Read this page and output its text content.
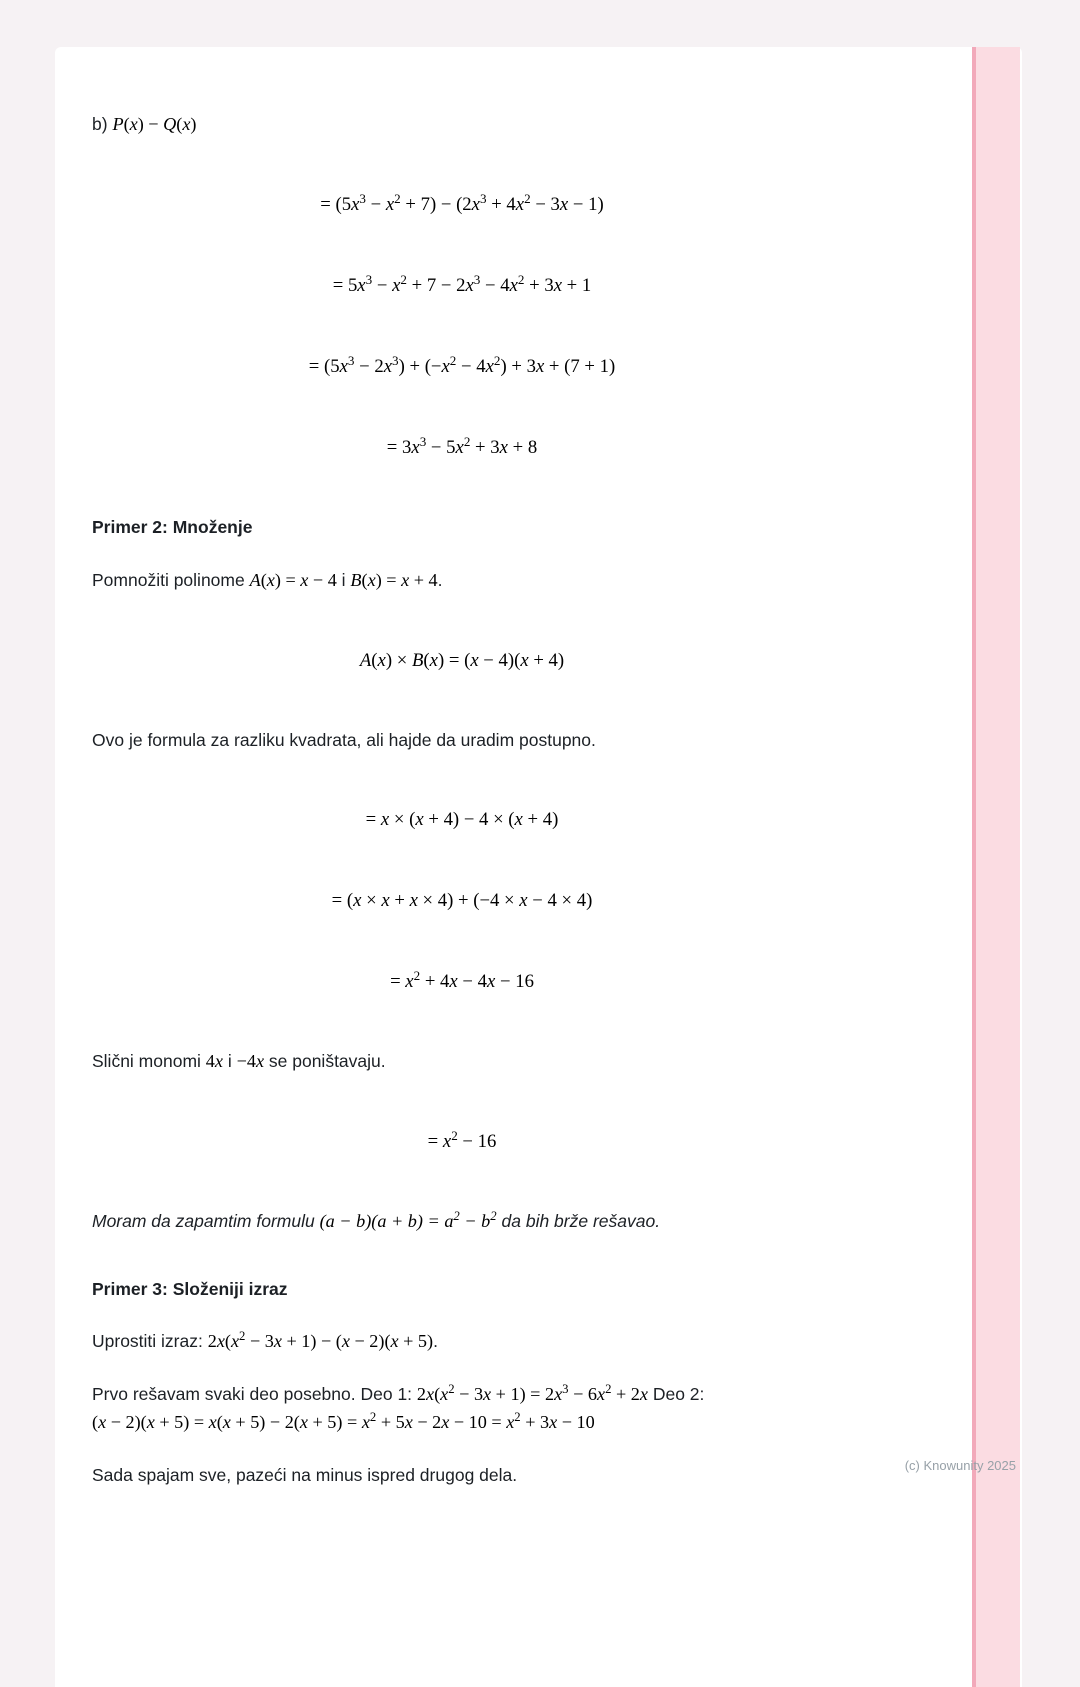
b) P(x) − Q(x)
= $(5x^3 - x^2 + 7) - (2x^3 + 4x^2 - 3x - 1)$
= $5x^3 - x^2 + 7 - 2x^3 - 4x^2 + 3x + 1$
= $(5x^3 - 2x^3) + (-x^2 - 4x^2) + 3x + (7 + 1)$
= $3x^3 - 5x^2 + 3x + 8$
Primer 2: Množenje
Pomnožiti polinome A(x) = x − 4 i B(x) = x + 4.
A(x) × B(x) = (x − 4)(x + 4)
Ovo je formula za razliku kvadrata, ali hajde da uradim postupno.
= x × (x + 4) − 4 × (x + 4)
= (x × x + x × 4) + (−4 × x − 4 × 4)
= $x^2 + 4x - 4x - 16$
Slični monomi 4x i −4x se poništavaju.
= $x^2 - 16$
Moram da zapamtim formulu $(a - b)(a + b) = a^2 - b^2$ da bih brže rešavao.
Primer 3: Složeniji izraz
Uprostiti izraz: $2x(x^2 - 3x + 1) - (x - 2)(x + 5)$.
Prvo rešavam svaki deo posebno. Deo 1: $2x(x^2 - 3x + 1) = 2x^3 - 6x^2 + 2x$ Deo 2:
$(x - 2)(x + 5) = x(x + 5) - 2(x + 5) = x^2 + 5x - 2x - 10 = x^2 + 3x - 10$
Sada spajam sve, pazeći na minus ispred drugog dela.	(c) Knowunity 2025
